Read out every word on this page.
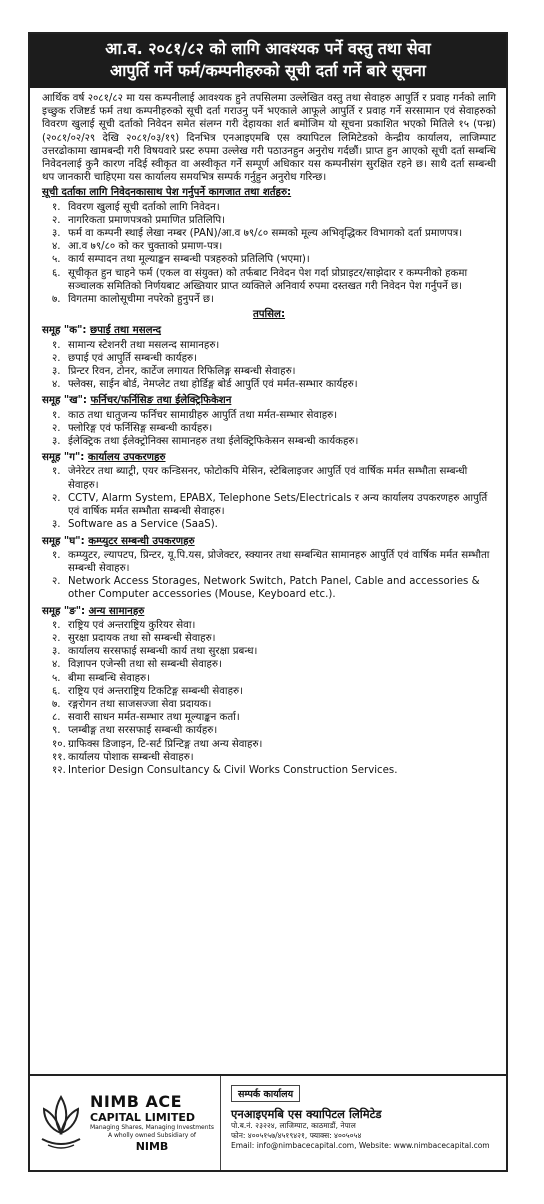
आ.व. २०८१/८२ को लागि आवश्यक पर्ने वस्तु तथा सेवा
आपुर्ति गर्ने फर्म/कम्पनीहरुको सूची दर्ता गर्ने बारे सूचना

आर्थिक वर्ष २०८१/८२ मा यस कम्पनीलाई आवश्यक हुने तपसिलमा उल्लेखित वस्तु तथा सेवाहरु आपुर्ति र प्रवाह गर्नको लागि इच्छुक रजिष्टर्ड फर्म तथा कम्पनीहरुको सूची दर्ता गराउनु पर्ने भएकाले आफूले आपुर्ति र प्रवाह गर्ने सरसामान एवं सेवाहरुको विवरण खुलाई सूची दर्ताको निवेदन समेत संलग्न गरी देहायका शर्त बमोजिम यो सूचना प्रकाशित भएको मितिले १५ (पन्ध्र) (२०८१/०२/२९ देखि २०८१/०३/१९) दिनभित्र एनआइएमबि एस क्यापिटल लिमिटेडको केन्द्रीय कार्यालय, लाजिम्पाट उत्तरढोकामा खामबन्दी गरी विषयवारे प्रस्ट रुपमा उल्लेख गरी पठाउनहुन अनुरोध गर्दछौं। प्राप्त हुन आएको सूची दर्ता सम्बन्धि निवेदनलाई कुनै कारण नदिई स्वीकृत वा अस्वीकृत गर्ने सम्पूर्ण अधिकार यस कम्पनीसंग सुरक्षित रहने छ। साथै दर्ता सम्बन्धी थप जानकारी चाहिएमा यस कार्यालय समयभित्र सम्पर्क गर्नुहुन अनुरोध गरिन्छ।

सूची दर्ताका लागि निवेदनकासाथ पेश गर्नुपर्ने कागजात तथा शर्तहरु:
१. विवरण खुलाई सूची दर्ताको लागि निवेदन।
२. नागरिकता प्रमाणपत्रको प्रमाणित प्रतिलिपि।
३. फर्म वा कम्पनी स्थाई लेखा नम्बर (PAN)/आ.व ७९/८० सम्मको मूल्य अभिवृद्धिकर विभागको दर्ता प्रमाणपत्र।
४. आ.व ७९/८० को कर चुक्ताको प्रमाण-पत्र।
५. कार्य सम्पादन तथा मूल्याङ्कन सम्बन्धी पत्रहरुको प्रतिलिपि (भएमा)।
६. सूचीकृत हुन चाहने फर्म (एकल वा संयुक्त) को तर्फबाट निवेदन पेश गर्दा प्रोप्राइटर/साझेदार र कम्पनीको हकमा सञ्चालक समितिको निर्णयबाट अख्तियार प्राप्त व्यक्तिले अनिवार्य रुपमा दस्तखत गरी निवेदन पेश गर्नुपर्ने छ।
७. विगतमा कालोसूचीमा नपरेको हुनुपर्ने छ।
तपसिल:
समूह "क": छपाई तथा मसलन्द
१. सामान्य स्टेशनरी तथा मसलन्द सामानहरु।
२. छपाई एवं आपुर्ति सम्बन्धी कार्यहरु।
३. प्रिन्टर रिवन, टोनर, कार्टेज लगायत रिफिलिङ्ग सम्बन्धी सेवाहरु।
४. फ्लेक्स, साईन बोर्ड, नेमप्लेट तथा होर्डिङ्ग बोर्ड आपुर्ति एवं मर्मत-सम्भार कार्यहरु।
समूह "ख": फर्निचर/फर्निसिङ तथा ईलेक्ट्रिफिकेशन
१. काठ तथा धातुजन्य फर्निचर सामाग्रीहरु आपुर्ति तथा मर्मत-सम्भार सेवाहरु।
२. फ्लोरिङ्ग एवं फर्निसिङ्ग सम्बन्धी कार्यहरु।
३. ईलेक्ट्रिक तथा ईलेक्ट्रोनिक्स सामानहरु तथा ईलेक्ट्रिफिकेसन सम्बन्धी कार्यकहरु।
समूह "ग": कार्यालय उपकरणहरु
१. जेनेरेटर तथा ब्याट्री, एयर कन्डिसनर, फोटोकपि मेसिन, स्टेबिलाइजर आपुर्ति एवं वार्षिक मर्मत सम्भौता सम्बन्धी सेवाहरु।
२. CCTV, Alarm System, EPABX, Telephone Sets/Electricals र अन्य कार्यालय उपकरणहरु आपुर्ति एवं वार्षिक मर्मत सम्भौता सम्बन्धी सेवाहरु।
३. Software as a Service (SaaS).
समूह "घ": कम्प्युटर सम्बन्धी उपकरणहरु
१. कम्प्युटर, ल्यापटप, प्रिन्टर, यू.पि.यस, प्रोजेक्टर, स्क्यानर तथा सम्बन्धित सामानहरु आपुर्ति एवं वार्षिक मर्मत सम्भौता सम्बन्धी सेवाहरु।
२. Network Access Storages, Network Switch, Patch Panel, Cable and accessories & other Computer accessories (Mouse, Keyboard etc.).
समूह "ङ": अन्य सामानहरु
१. राष्ट्रिय एवं अन्तराष्ट्रिय कुरियर सेवा।
२. सुरक्षा प्रदायक तथा सो सम्बन्धी सेवाहरु।
३. कार्यालय सरसफाई सम्बन्धी कार्य तथा सुरक्षा प्रबन्ध।
४. विज्ञापन एजेन्सी तथा सो सम्बन्धी सेवाहरु।
५. बीमा सम्बन्धि सेवाहरु।
६. राष्ट्रिय एवं अन्तराष्ट्रिय टिकटिङ्ग सम्बन्धी सेवाहरु।
७. रङ्गरोगन तथा साजसज्जा सेवा प्रदायक।
८. सवारी साधन मर्मत-सम्भार तथा मूल्याङ्कन कर्ता।
९. प्लम्बीङ्ग तथा सरसफाई सम्बन्धी कार्यहरु।
१०. ग्राफिक्स डिजाइन, टि-सर्ट प्रिन्टिङ्ग तथा अन्य सेवाहरु।
११. कार्यालय पोशाक सम्बन्धी सेवाहरु।
१२. Interior Design Consultancy & Civil Works Construction Services.
NIMB ACE
CAPITAL LIMITED
Managing Shares, Managing Investments
A wholly owned Subsidiary of
NIMB
सम्पर्क कार्यालय
एनआइएमबि एस क्यापिटल लिमिटेड
पो.ब.नं. २३२२४, लाजिम्पाट, काठमाडौं, नेपाल
फोन: ४००५१५७/४५१९४२१, फ्याक्स: ४००५०५४
Email: info@nimbacecapital.com, Website: www.nimbacecapital.com
